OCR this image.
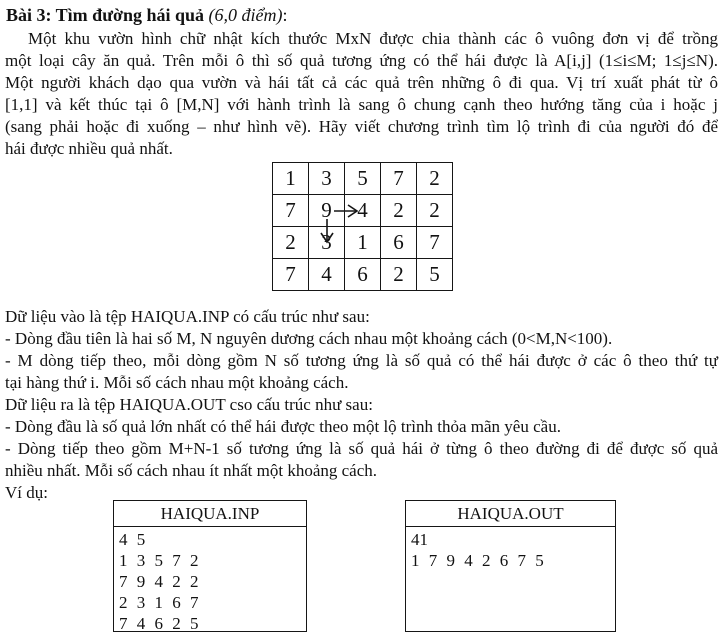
Bài 3: Tìm đường hái quả (6,0 điểm):
Một khu vườn hình chữ nhật kích thước MxN được chia thành các ô vuông đơn vị để trồng
một loại cây ăn quả. Trên mỗi ô thì số quả tương ứng có thể hái được là A[i,j] (1≤i≤M; 1≤j≤N).
Một người khách dạo qua vườn và hái tất cả các quả trên những ô đi qua. Vị trí xuất phát từ ô
[1,1] và kết thúc tại ô [M,N] với hành trình là sang ô chung cạnh theo hướng tăng của i hoặc j
(sang phải hoặc đi xuống – như hình vẽ). Hãy viết chương trình tìm lộ trình đi của người đó để
hái được nhiều quả nhất.
1	3	5	7	2
7	9	4	2	2
2	3	1	6	7
7	4	6	2	5
Dữ liệu vào là tệp HAIQUA.INP có cấu trúc như sau:
- Dòng đầu tiên là hai số M, N nguyên dương cách nhau một khoảng cách (0<M,N<100).
- M dòng tiếp theo, mỗi dòng gồm N số tương ứng là số quả có thể hái được ở các ô theo thứ tự
tại hàng thứ i. Mỗi số cách nhau một khoảng cách.
Dữ liệu ra là tệp HAIQUA.OUT cso cấu trúc như sau:
- Dòng đầu là số quả lớn nhất có thể hái được theo một lộ trình thỏa mãn yêu cầu.
- Dòng tiếp theo gồm M+N-1 số tương ứng là số quả hái ở từng ô theo đường đi để được số quả
nhiều nhất. Mỗi số cách nhau ít nhất một khoảng cách.
Ví dụ:
HAIQUA.INP
4 5
1 3 5 7 2
7 9 4 2 2
2 3 1 6 7
7 4 6 2 5
HAIQUA.OUT
41
1 7 9 4 2 6 7 5
